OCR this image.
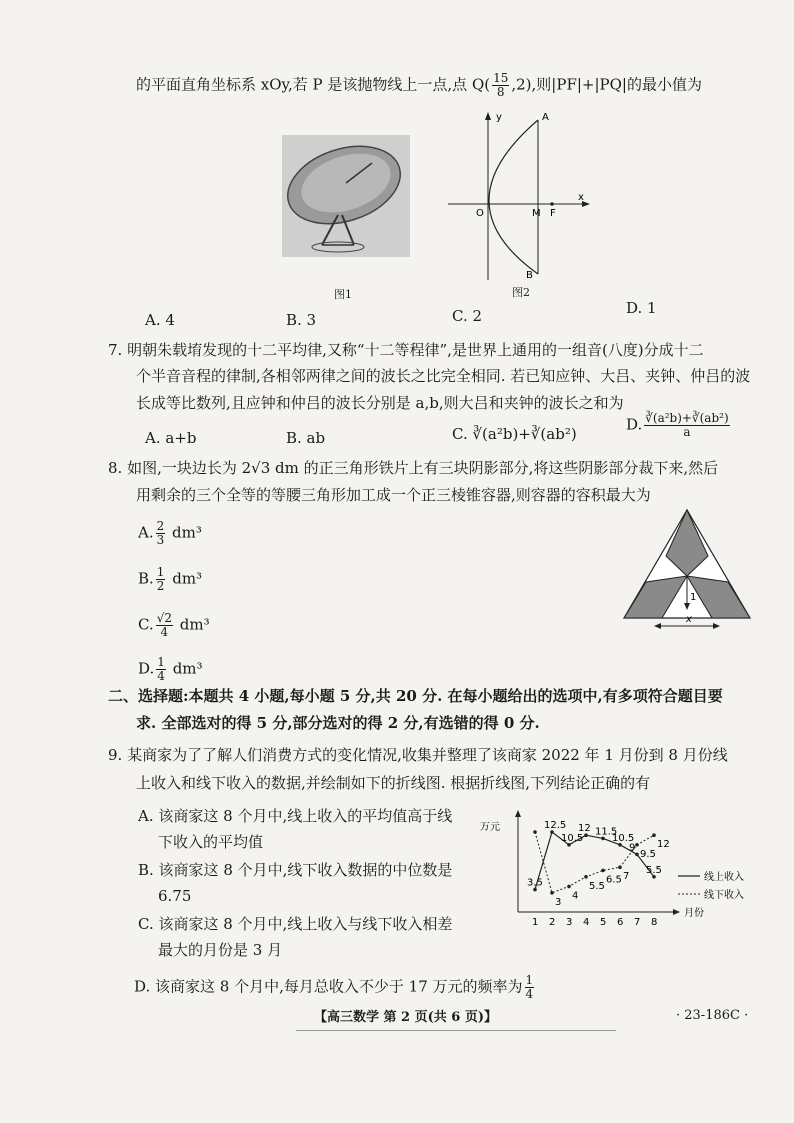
的平面直角坐标系 xOy,若 P 是该抛物线上一点,点 $Q( \frac{15}{8} ,2)$,则|PF|+|PQ|的最小值为
图1
y	A
O	M F
x
B
图2
A. 4	B. 3	C. 2	D. 1
7. 明朝朱载堉发现的十二平均律,又称“十二等程律”,是世界上通用的一组音(八度)分成十二
个半音音程的律制,各相邻两律之间的波长之比完全相同. 若已知应钟、大吕、夹钟、仲吕的波
长成等比数列,且应钟和仲吕的波长分别是 a,b,则大吕和夹钟的波长之和为
A. a+b	B. ab	C. ∛(a²b)+∛(ab²)
D. $\frac{\text{∛(a²b)+∛(ab²)}}{a}$
8. 如图,一块边长为 2√3 dm 的正三角形铁片上有三块阴影部分,将这些阴影部分裁下来,然后
用剩余的三个全等的等腰三角形加工成一个正三棱锥容器,则容器的容积最大为
A. $\frac{2}{3} dm^3$
B. $\frac{1}{2} dm^3$
C. $\frac{√2}{4} dm^3$
D. $\frac{1}{4} dm^3$
1
x
二、选择题:本题共 4 小题,每小题 5 分,共 20 分. 在每小题给出的选项中,有多项符合题目要
求. 全部选对的得 5 分,部分选对的得 2 分,有选错的得 0 分.
9. 某商家为了了解人们消费方式的变化情况,收集并整理了该商家 2022 年 1 月份到 8 月份线
上收入和线下收入的数据,并绘制如下的折线图. 根据折线图,下列结论正确的有
A. 该商家这 8 个月中,线上收入的平均值高于线
下收入的平均值
B. 该商家这 8 个月中,线下收入数据的中位数是
6.75
C. 该商家这 8 个月中,线上收入与线下收入相差
最大的月份是 3 月
D. 该商家这 8 个月中,每月总收入不少于 17 万元的频率为 $\frac{1}{4}$
万元
月份
1 2 3 4 5 6 7 8
3.5
12.5
10.5
12 11.5
10.5
9
5.5
3
4
5.5
6.5 7
9.5
12
线上收入
线下收入
【高三数学 第 2 页(共 6 页)】	· 23-186C ·
